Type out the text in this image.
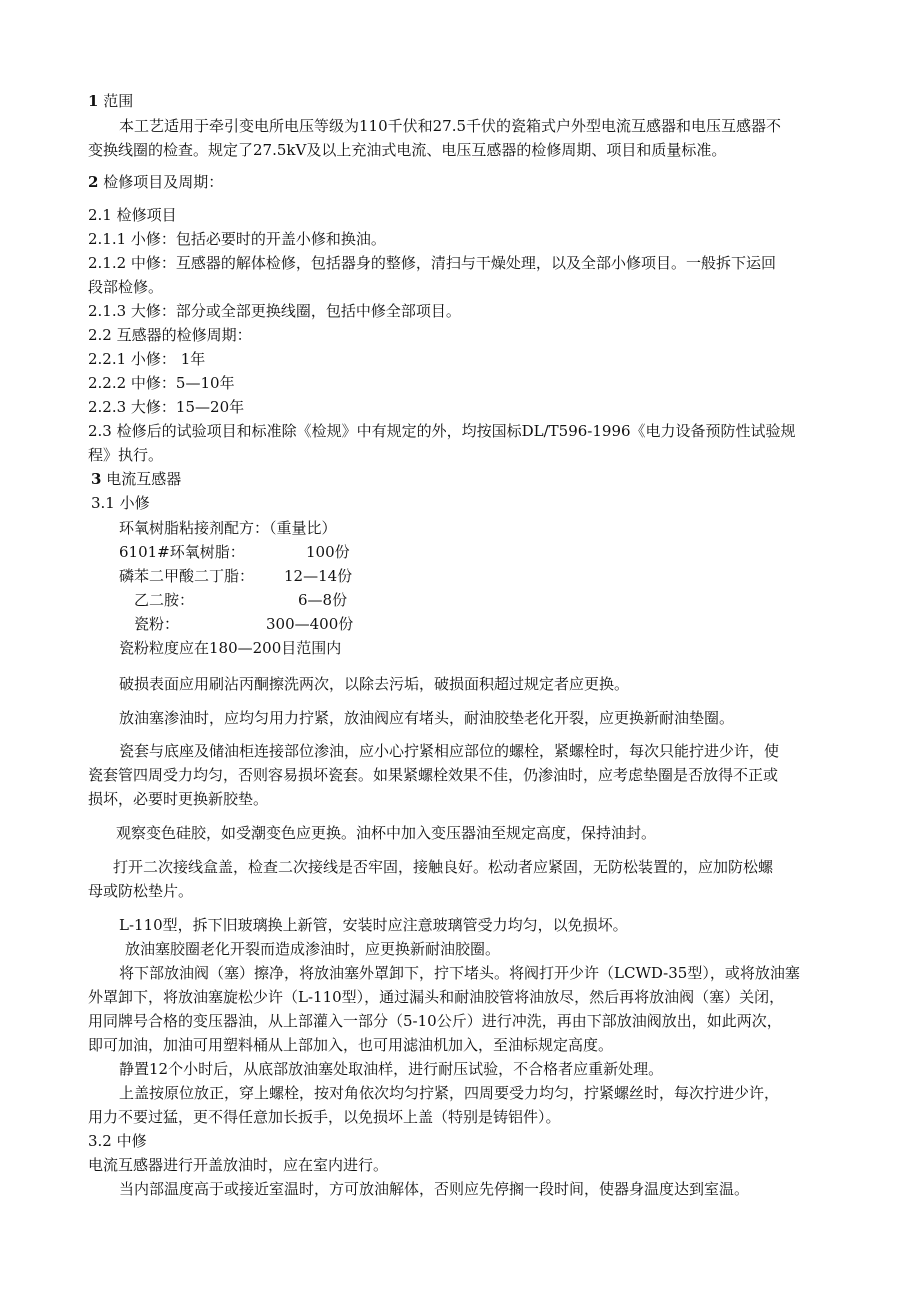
1 范围
本工艺适用于牵引变电所电压等级为110千伏和27.5千伏的瓷箱式户外型电流互感器和电压互感器不
变换线圈的检查。规定了27.5kV及以上充油式电流、电压互感器的检修周期、项目和质量标准。
2 检修项目及周期：
2.1 检修项目
2.1.1 小修：包括必要时的开盖小修和换油。
2.1.2 中修：互感器的解体检修，包括器身的整修，清扫与干燥处理，以及全部小修项目。一般拆下运回
段部检修。
2.1.3 大修：部分或全部更换线圈，包括中修全部项目。
2.2 互感器的检修周期：
2.2.1 小修： 1年
2.2.2 中修：5—10年
2.2.3 大修：15—20年
2.3 检修后的试验项目和标准除《检规》中有规定的外，均按国标DL/T596-1996《电力设备预防性试验规
程》执行。
3 电流互感器
3.1 小修
环氧树脂粘接剂配方：（重量比）
6101#环氧树脂：	100份
磷苯二甲酸二丁脂： 12—14份
乙二胺：	6—8份
瓷粉：	300—400份
瓷粉粒度应在180—200目范围内
破损表面应用刷沾丙酮擦洗两次，以除去污垢，破损面积超过规定者应更换。
放油塞渗油时，应均匀用力拧紧，放油阀应有堵头，耐油胶垫老化开裂，应更换新耐油垫圈。
瓷套与底座及储油柜连接部位渗油，应小心拧紧相应部位的螺栓，紧螺栓时，每次只能拧进少许，使
瓷套管四周受力均匀，否则容易损坏瓷套。如果紧螺栓效果不佳，仍渗油时，应考虑垫圈是否放得不正或
损坏，必要时更换新胶垫。
观察变色硅胶，如受潮变色应更换。油杯中加入变压器油至规定高度，保持油封。
打开二次接线盒盖，检查二次接线是否牢固，接触良好。松动者应紧固，无防松装置的，应加防松螺
母或防松垫片。
L-110型，拆下旧玻璃换上新管，安装时应注意玻璃管受力均匀，以免损坏。
放油塞胶圈老化开裂而造成渗油时，应更换新耐油胶圈。
将下部放油阀（塞）擦净，将放油塞外罩卸下，拧下堵头。将阀打开少许（LCWD-35型），或将放油塞
外罩卸下，将放油塞旋松少许（L-110型），通过漏头和耐油胶管将油放尽，然后再将放油阀（塞）关闭，
用同牌号合格的变压器油，从上部灌入一部分（5-10公斤）进行冲洗，再由下部放油阀放出，如此两次，
即可加油，加油可用塑料桶从上部加入，也可用滤油机加入，至油标规定高度。
静置12个小时后，从底部放油塞处取油样，进行耐压试验，不合格者应重新处理。
上盖按原位放正，穿上螺栓，按对角依次均匀拧紧，四周要受力均匀，拧紧螺丝时，每次拧进少许，
用力不要过猛，更不得任意加长扳手，以免损坏上盖（特别是铸铝件）。
3.2 中修
电流互感器进行开盖放油时，应在室内进行。
当内部温度高于或接近室温时，方可放油解体，否则应先停搁一段时间，使器身温度达到室温。
